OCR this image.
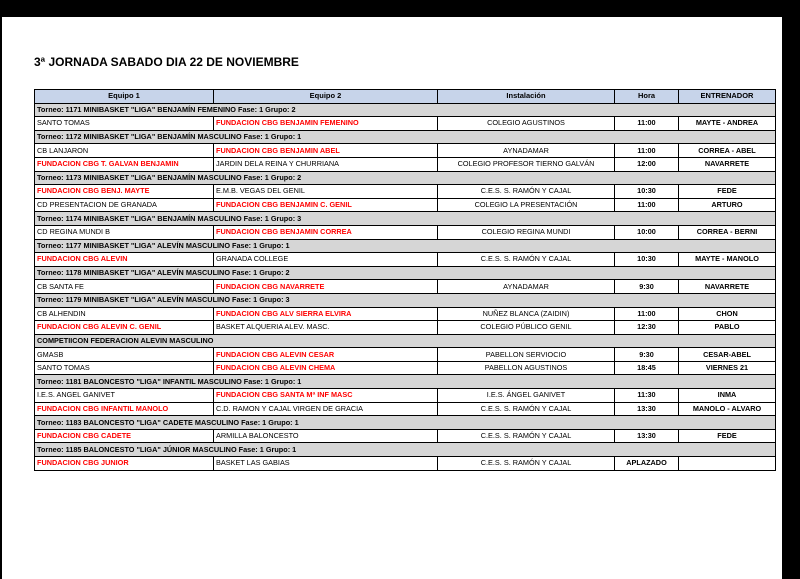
3ª JORNADA SABADO DIA 22 DE NOVIEMBRE
Equipo 1	Equipo 2	Instalación	Hora	ENTRENADOR
Torneo: 1171 MINIBASKET "LIGA" BENJAMÍN FEMENINO Fase: 1 Grupo: 2				
SANTO TOMAS	FUNDACION CBG BENJAMIN FEMENINO	COLEGIO AGUSTINOS	11:00	MAYTE - ANDREA
Torneo: 1172 MINIBASKET "LIGA" BENJAMÍN MASCULINO Fase: 1 Grupo: 1				
CB LANJARON	FUNDACION CBG BENJAMIN ABEL	AYNADAMAR	11:00	CORREA - ABEL
FUNDACION CBG T. GALVAN BENJAMIN	JARDIN DELA REINA Y CHURRIANA	COLEGIO PROFESOR TIERNO GALVÁN	12:00	NAVARRETE
Torneo: 1173 MINIBASKET "LIGA" BENJAMÍN MASCULINO Fase: 1 Grupo: 2				
FUNDACION CBG BENJ. MAYTE	E.M.B. VEGAS DEL GENIL	C.E.S. S. RAMÓN Y CAJAL	10:30	FEDE
CD PRESENTACION DE GRANADA	FUNDACION CBG BENJAMIN C. GENIL	COLEGIO LA PRESENTACIÓN	11:00	ARTURO
Torneo: 1174 MINIBASKET "LIGA" BENJAMÍN MASCULINO Fase: 1 Grupo: 3				
CD REGINA MUNDI B	FUNDACION CBG BENJAMIN CORREA	COLEGIO REGINA MUNDI	10:00	CORREA - BERNI
Torneo: 1177 MINIBASKET "LIGA" ALEVÍN MASCULINO Fase: 1 Grupo: 1				
FUNDACION CBG ALEVIN	GRANADA COLLEGE	C.E.S. S. RAMÓN Y CAJAL	10:30	MAYTE - MANOLO
Torneo: 1178 MINIBASKET "LIGA" ALEVÍN MASCULINO Fase: 1 Grupo: 2				
CB SANTA FE	FUNDACION CBG NAVARRETE	AYNADAMAR	9:30	NAVARRETE
Torneo: 1179 MINIBASKET "LIGA" ALEVÍN MASCULINO Fase: 1 Grupo: 3				
CB ALHENDIN	FUNDACION CBG ALV SIERRA ELVIRA	NUÑEZ BLANCA (ZAIDIN)	11:00	CHON
FUNDACION CBG ALEVIN C. GENIL	BASKET ALQUERIA ALEV. MASC.	COLEGIO PÚBLICO GENIL	12:30	PABLO
COMPETIICON FEDERACION ALEVIN MASCULINO				
GMASB	FUNDACION CBG ALEVIN CESAR	PABELLON SERVIOCIO	9:30	CESAR-ABEL
SANTO TOMAS	FUNDACION CBG ALEVIN CHEMA	PABELLON AGUSTINOS	18:45	VIERNES 21
Torneo: 1181 BALONCESTO "LIGA" INFANTIL MASCULINO Fase: 1 Grupo: 1				
I.E.S. ANGEL GANIVET	FUNDACION CBG SANTA Mª INF MASC	I.E.S. ÁNGEL GANIVET	11:30	INMA
FUNDACION CBG INFANTIL MANOLO	C.D. RAMON Y CAJAL VIRGEN DE GRACIA	C.E.S. S. RAMÓN Y CAJAL	13:30	MANOLO - ALVARO
Torneo: 1183 BALONCESTO "LIGA" CADETE MASCULINO Fase: 1 Grupo: 1				
FUNDACION CBG CADETE	ARMILLA BALONCESTO	C.E.S. S. RAMÓN Y CAJAL	13:30	FEDE
Torneo: 1185 BALONCESTO "LIGA" JÚNIOR MASCULINO Fase: 1 Grupo: 1				
FUNDACION CBG JUNIOR	BASKET LAS GABIAS	C.E.S. S. RAMÓN Y CAJAL	APLAZADO	
